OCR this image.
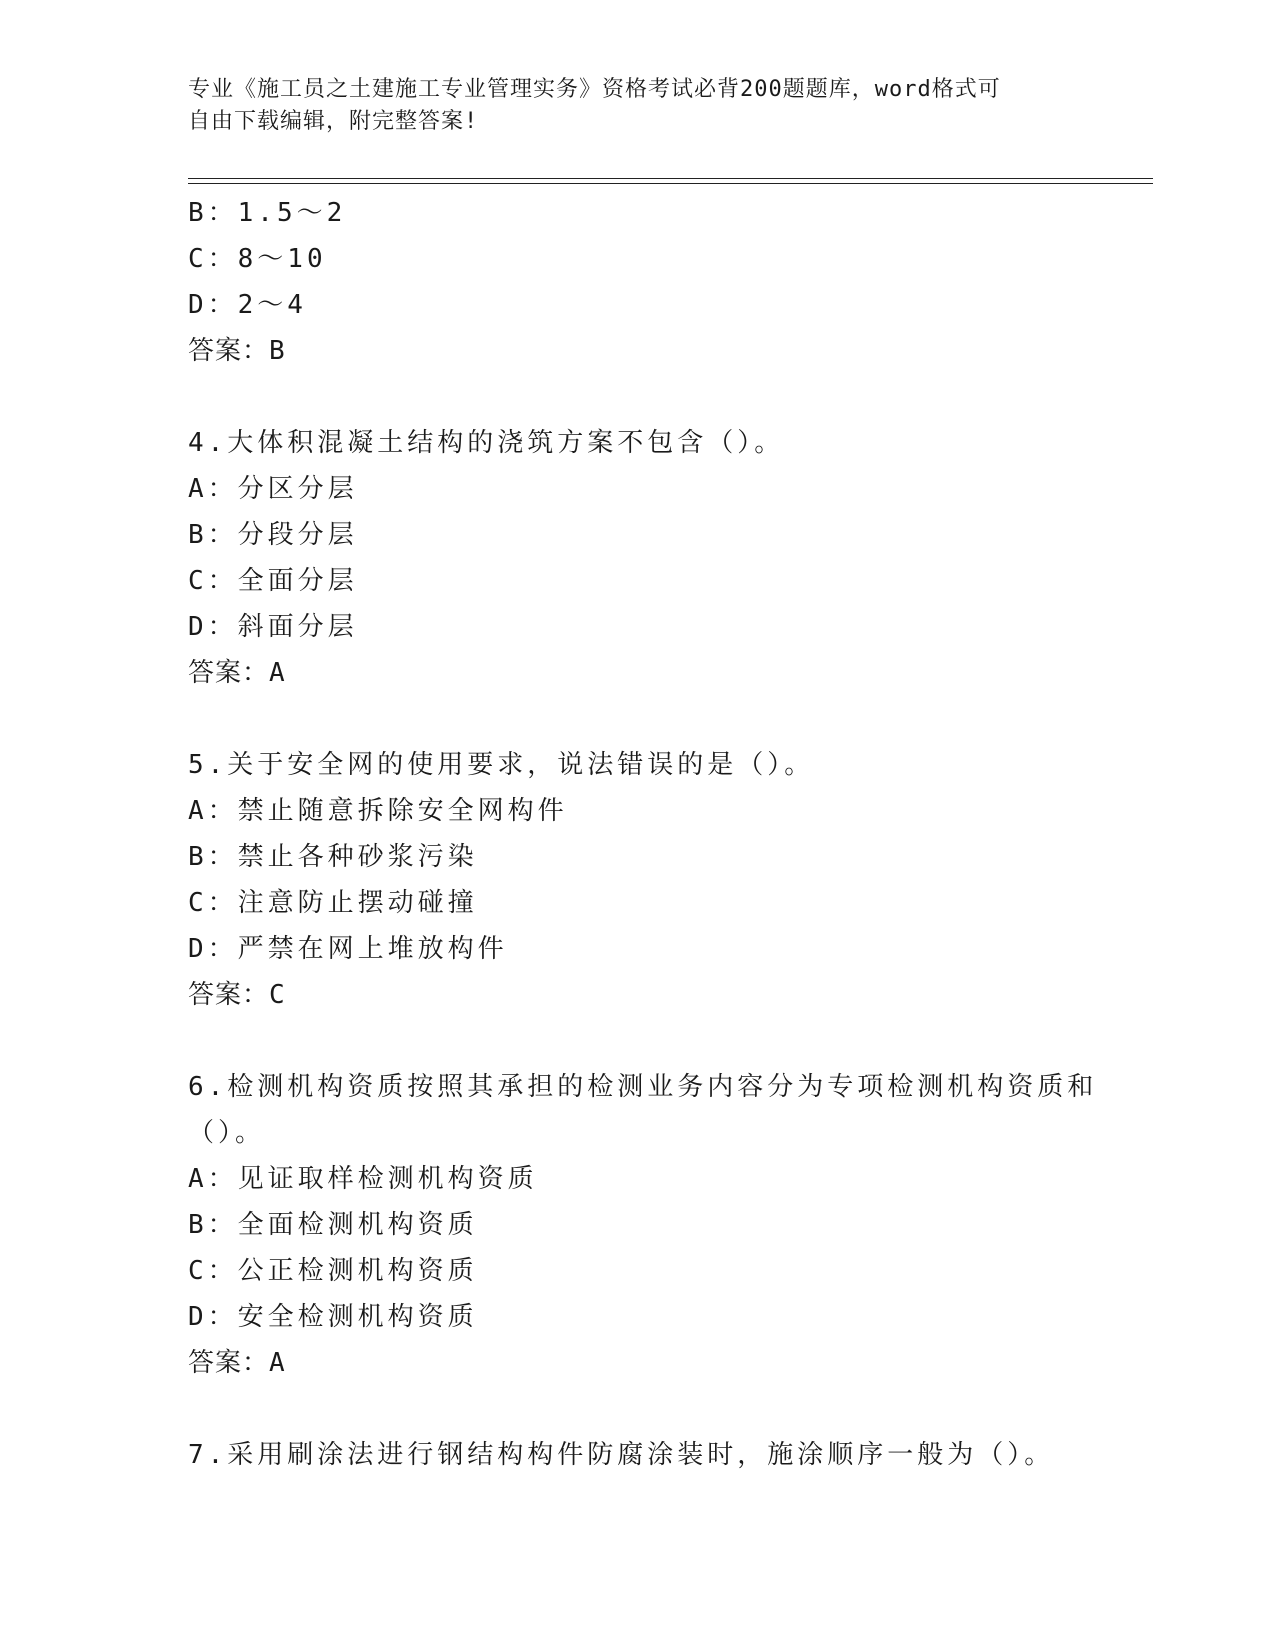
专业《施工员之土建施工专业管理实务》资格考试必背200题题库，word格式可
自由下载编辑，附完整答案!
B：1.5～2
C：8～10
D：2～4
答案：B
4.大体积混凝土结构的浇筑方案不包含（）。
A：分区分层
B：分段分层
C：全面分层
D：斜面分层
答案：A
5.关于安全网的使用要求，说法错误的是（）。
A：禁止随意拆除安全网构件
B：禁止各种砂浆污染
C：注意防止摆动碰撞
D：严禁在网上堆放构件
答案：C
6.检测机构资质按照其承担的检测业务内容分为专项检测机构资质和
（）。
A：见证取样检测机构资质
B：全面检测机构资质
C：公正检测机构资质
D：安全检测机构资质
答案：A
7.采用刷涂法进行钢结构构件防腐涂装时，施涂顺序一般为（）。
